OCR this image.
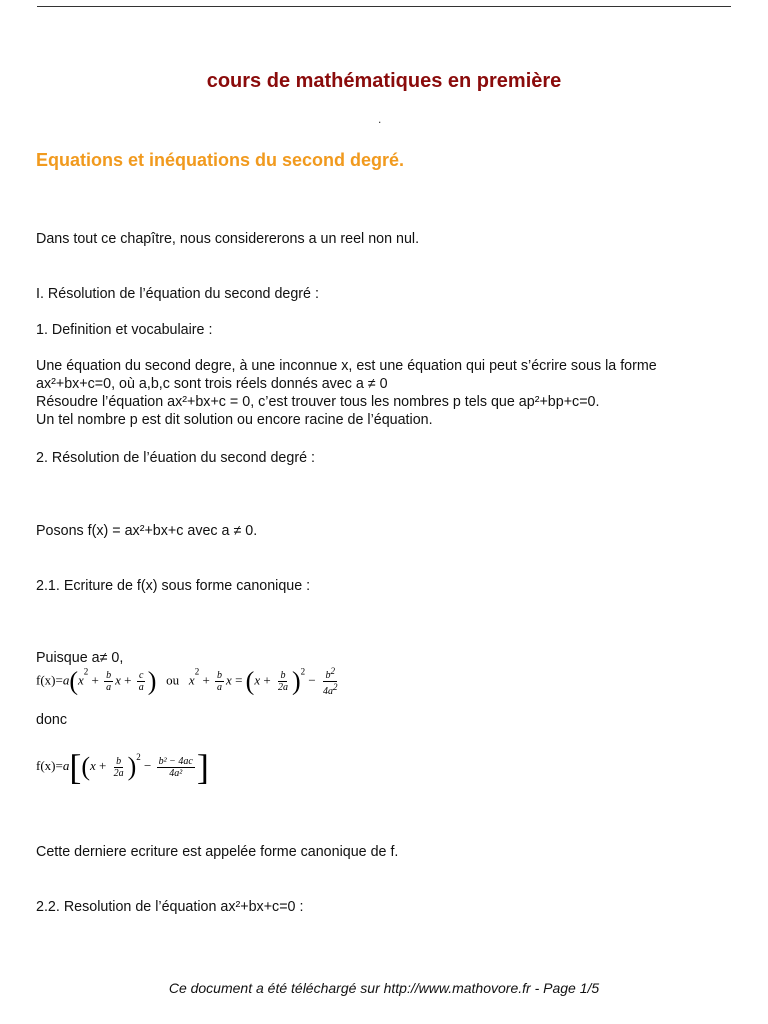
cours de mathématiques en première
.
Equations et inéquations du second degré.
Dans tout ce chapître, nous considererons a un reel non nul.
I. Résolution de l’équation du second degré :
1. Definition et vocabulaire :
Une équation du second degre, à une inconnue x, est une équation qui peut s’écrire sous la forme
ax²+bx+c=0, où a,b,c sont trois réels donnés avec a ≠ 0
Résoudre l’équation ax²+bx+c = 0, c’est trouver tous les nombres p tels que ap²+bp+c=0.
Un tel nombre p est dit solution ou encore racine de l’équation.
2. Résolution de l’éuation du second degré :
Posons f(x) = ax²+bx+c avec a ≠ 0.
2.1. Ecriture de f(x) sous forme canonique :
Puisque a≠ 0,
$f(x)=a(x^2 + \frac{b}{a}$ $x + \frac{c}{a}$ ) ou $x^2 + \frac{b}{a}$ $x = (x + \frac{b}{2a} )^2 - \frac{b2}{4a2}$
donc
$f(x)=a[(x + \frac{b}{2a} )^2 - \frac{\text{b² − 4ac}}{\text{4a²}}$ ]
Cette derniere ecriture est appelée forme canonique de f.
2.2. Resolution de l’équation ax²+bx+c=0 :
Ce document a été téléchargé sur http://www.mathovore.fr - Page 1/5
